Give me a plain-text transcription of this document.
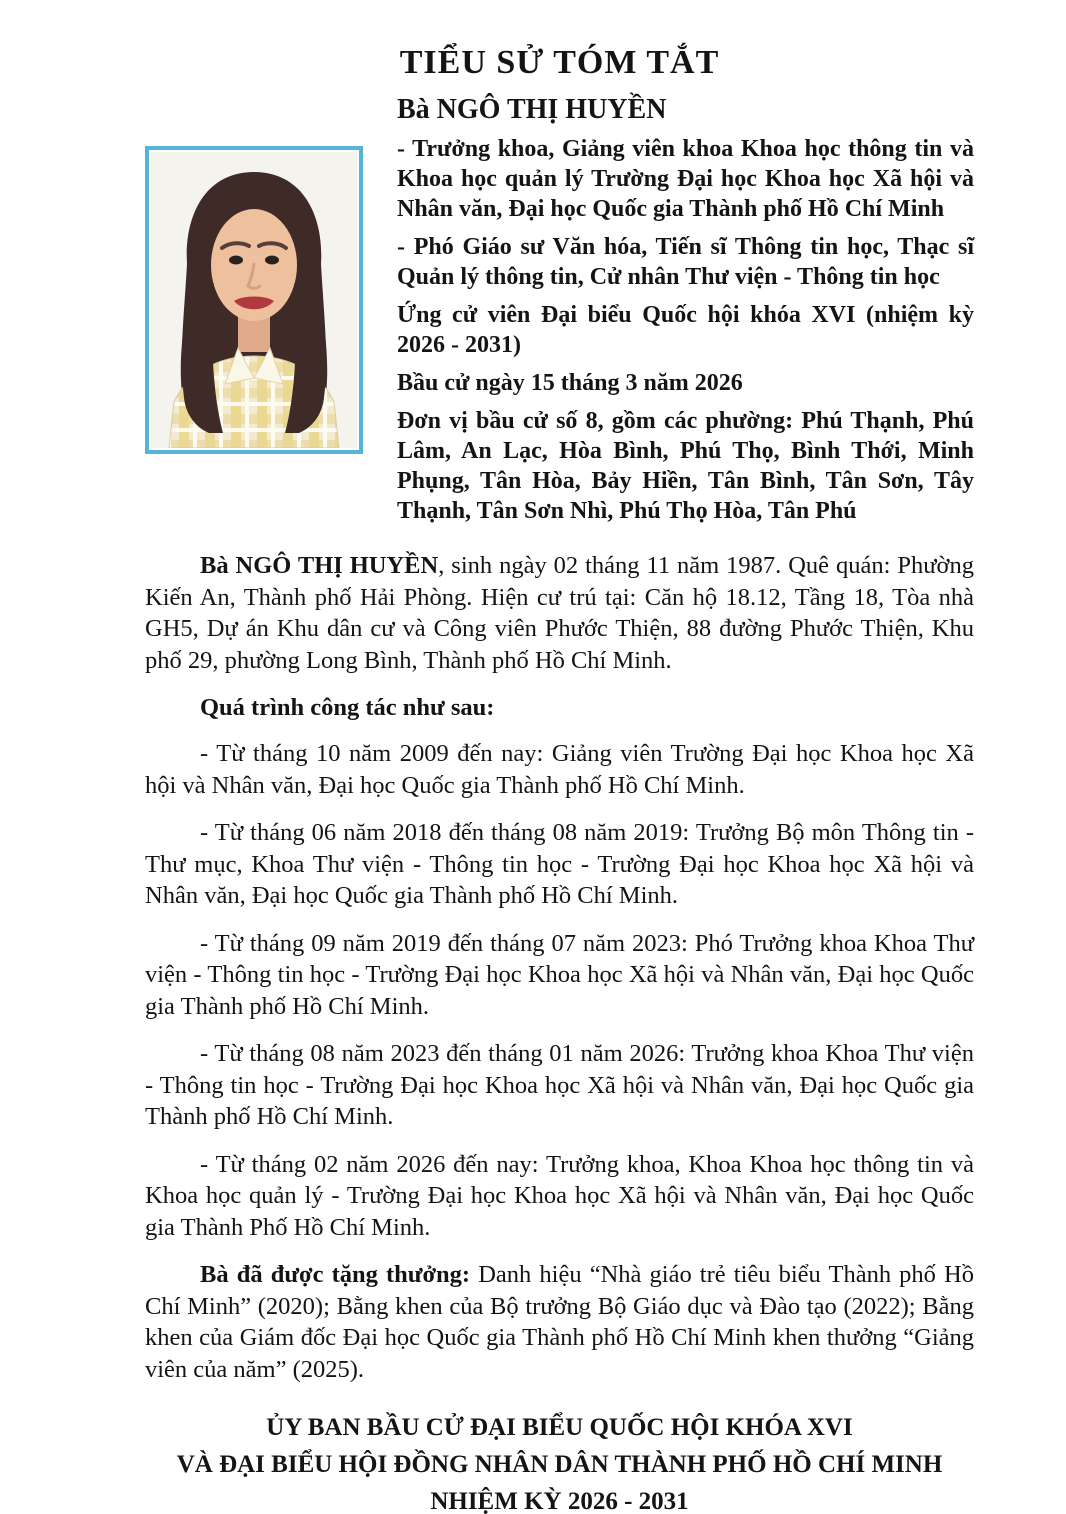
TIỂU SỬ TÓM TẮT

Bà NGÔ THỊ HUYỀN

- Trưởng khoa, Giảng viên khoa Khoa học thông tin và Khoa học quản lý Trường Đại học Khoa học Xã hội và Nhân văn, Đại học Quốc gia Thành phố Hồ Chí Minh

- Phó Giáo sư Văn hóa, Tiến sĩ Thông tin học, Thạc sĩ Quản lý thông tin, Cử nhân Thư viện - Thông tin học

Ứng cử viên Đại biểu Quốc hội khóa XVI (nhiệm kỳ 2026 - 2031)

Bầu cử ngày 15 tháng 3 năm 2026

Đơn vị bầu cử số 8, gồm các phường: Phú Thạnh, Phú Lâm, An Lạc, Hòa Bình, Phú Thọ, Bình Thới, Minh Phụng, Tân Hòa, Bảy Hiền, Tân Bình, Tân Sơn, Tây Thạnh, Tân Sơn Nhì, Phú Thọ Hòa, Tân Phú

Bà NGÔ THỊ HUYỀN, sinh ngày 02 tháng 11 năm 1987. Quê quán: Phường Kiến An, Thành phố Hải Phòng. Hiện cư trú tại: Căn hộ 18.12, Tầng 18, Tòa nhà GH5, Dự án Khu dân cư và Công viên Phước Thiện, 88 đường Phước Thiện, Khu phố 29, phường Long Bình, Thành phố Hồ Chí Minh.

Quá trình công tác như sau:

- Từ tháng 10 năm 2009 đến nay: Giảng viên Trường Đại học Khoa học Xã hội và Nhân văn, Đại học Quốc gia Thành phố Hồ Chí Minh.

- Từ tháng 06 năm 2018 đến tháng 08 năm 2019: Trưởng Bộ môn Thông tin - Thư mục, Khoa Thư viện - Thông tin học - Trường Đại học Khoa học Xã hội và Nhân văn, Đại học Quốc gia Thành phố Hồ Chí Minh.

- Từ tháng 09 năm 2019 đến tháng 07 năm 2023: Phó Trưởng khoa Khoa Thư viện - Thông tin học - Trường Đại học Khoa học Xã hội và Nhân văn, Đại học Quốc gia Thành phố Hồ Chí Minh.

- Từ tháng 08 năm 2023 đến tháng 01 năm 2026: Trưởng khoa Khoa Thư viện - Thông tin học - Trường Đại học Khoa học Xã hội và Nhân văn, Đại học Quốc gia Thành phố Hồ Chí Minh.

- Từ tháng 02 năm 2026 đến nay: Trưởng khoa, Khoa Khoa học thông tin và Khoa học quản lý - Trường Đại học Khoa học Xã hội và Nhân văn, Đại học Quốc gia Thành Phố Hồ Chí Minh.

Bà đã được tặng thưởng: Danh hiệu “Nhà giáo trẻ tiêu biểu Thành phố Hồ Chí Minh” (2020); Bằng khen của Bộ trưởng Bộ Giáo dục và Đào tạo (2022); Bằng khen của Giám đốc Đại học Quốc gia Thành phố Hồ Chí Minh khen thưởng “Giảng viên của năm” (2025).

ỦY BAN BẦU CỬ ĐẠI BIỂU QUỐC HỘI KHÓA XVI

VÀ ĐẠI BIỂU HỘI ĐỒNG NHÂN DÂN THÀNH PHỐ HỒ CHÍ MINH

NHIỆM KỲ 2026 - 2031
